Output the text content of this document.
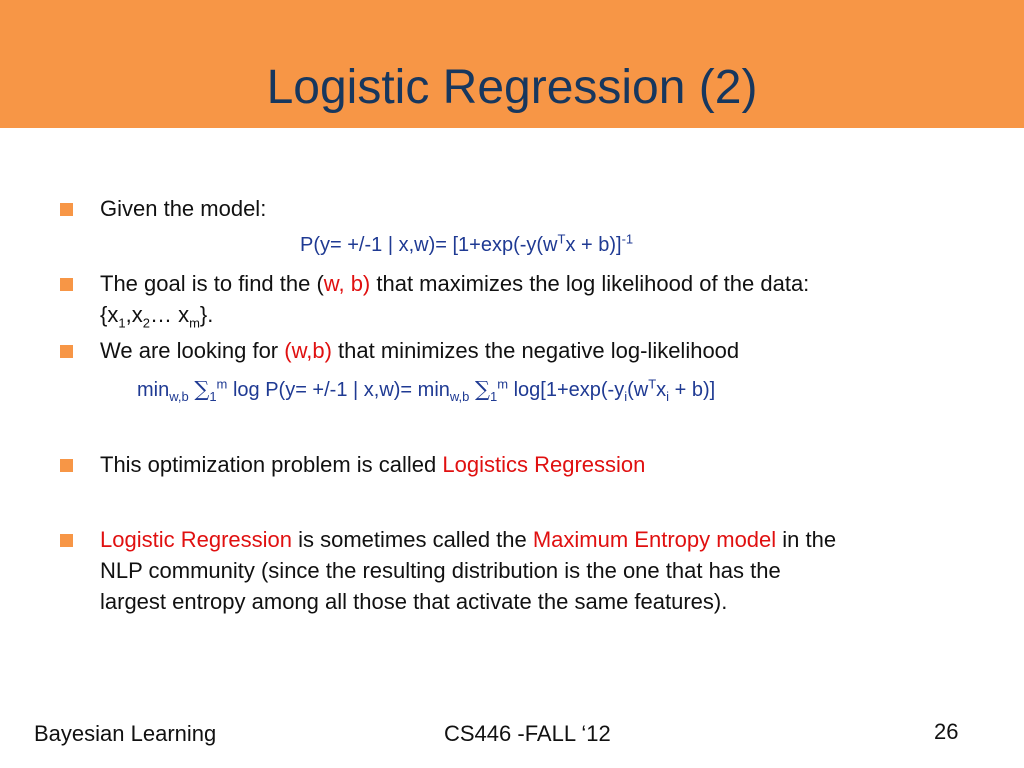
Logistic Regression (2)
Given the model:
P(y= +/-1 | $x,w)= [1+\exp(-y(w^Tx + b)]^{-1}$
The goal is to find the (w, b) that maximizes the log likelihood of the data:
{$x_1,x_2\dots$ $x_m$}.
We are looking for (w,b) that minimizes the negative log-likelihood
$\min_{w,b} \sum_1^m$ log P(y= +/-1 | $x,w)= \min_{w,b} \sum_1^m$ $\log[1+\exp(-y_i(w^Tx_i + b)]$
This optimization problem is called Logistics Regression
Logistic Regression is sometimes called the Maximum Entropy model in the
NLP community (since the resulting distribution is the one that has the
largest entropy among all those that activate the same features).
Bayesian Learning	CS446 -FALL ‘12	26
